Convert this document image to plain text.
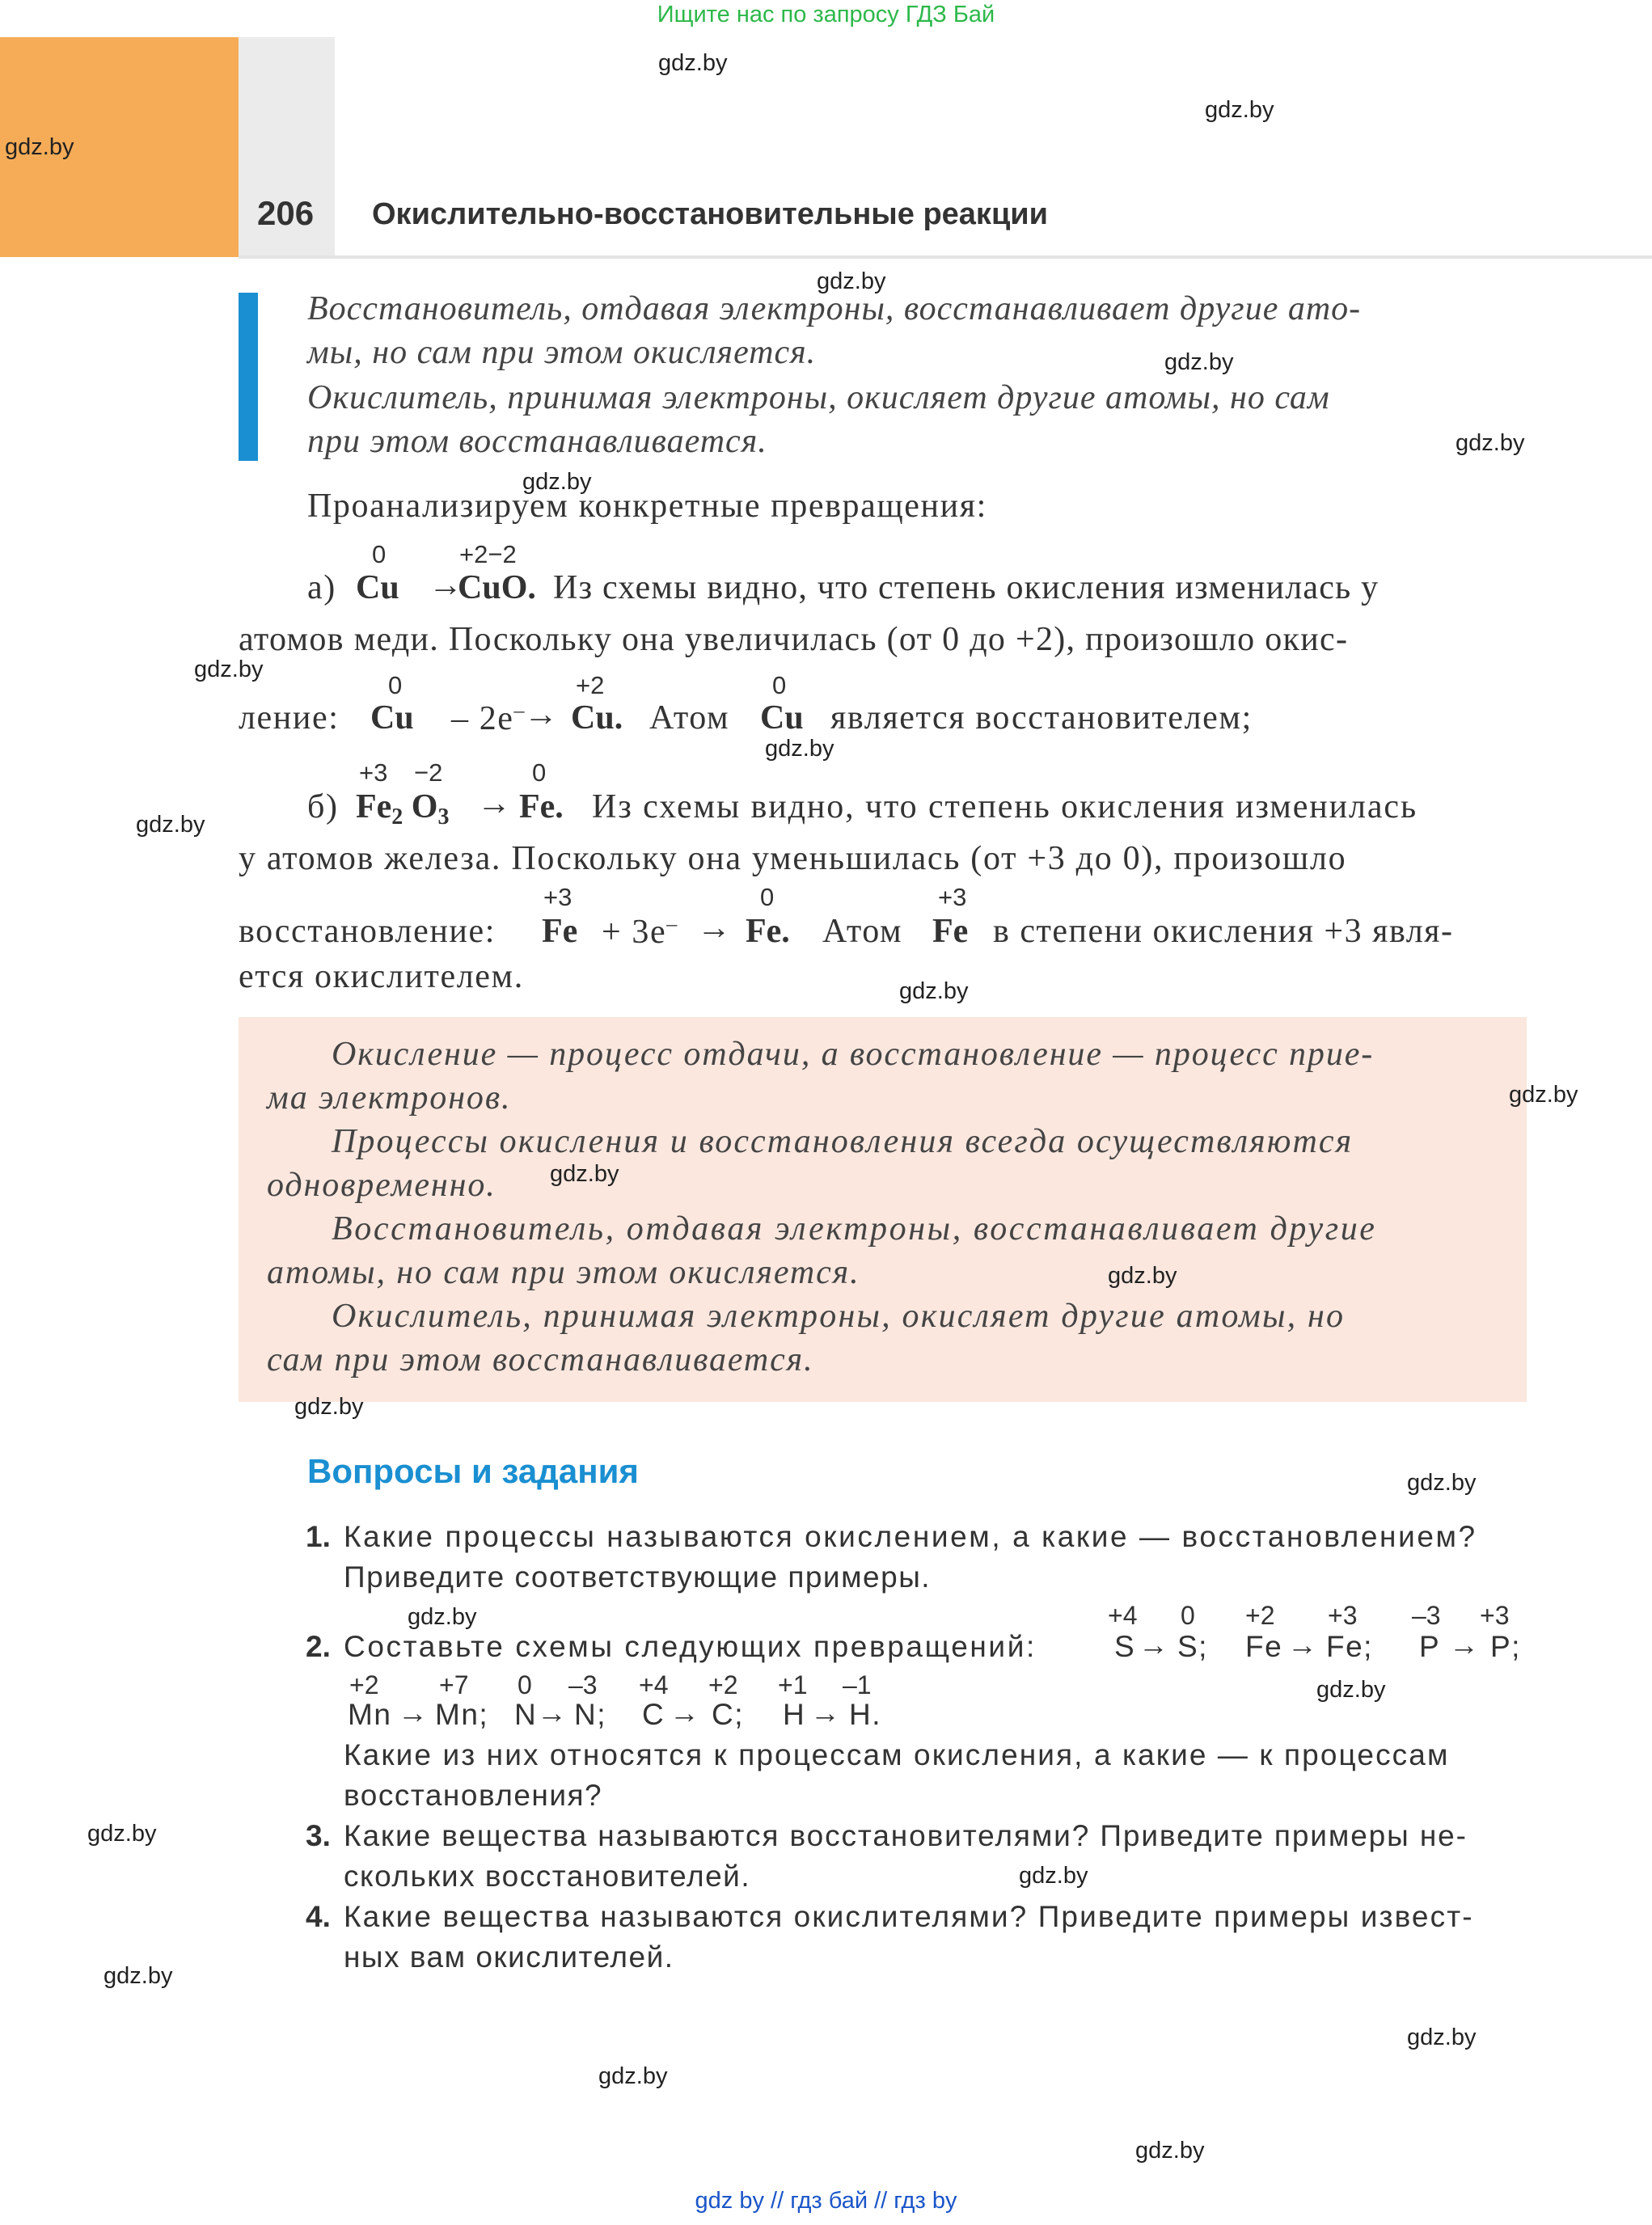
Ищите нас по запросу ГДЗ Бай
206 Окислительно-восстановительные реакции
Восстановитель, отдавая электроны, восстанавливает другие ато-
мы, но сам при этом окисляется.
Окислитель, принимая электроны, окисляет другие атомы, но сам
при этом восстанавливается.
Проанализируем конкретные превращения:
0	+2−2
а) Cu →
CuO. Из схемы видно, что степень окисления изменилась у
атомов меди. Поскольку она увеличилась (от 0 до +2), произошло окис-
0	+2	0
ление: Cu – 2e–
→ Cu. Атом Cu является восстановителем;
+3 −2	0
б) $Fe_2$ $O_3 \to Fe$. Из схемы видно, что степень окисления изменилась
у атомов железа. Поскольку она уменьшилась (от +3 до 0), произошло
+3	0	+3
восстановление: Fe + 3e– → Fe. Атом Fe в степени окисления +3 явля-
ется окислителем.
Окисление — процесс отдачи, а восстановление — процесс прие-
ма электронов.
Процессы окисления и восстановления всегда осуществляются
одновременно.
Восстановитель, отдавая электроны, восстанавливает другие
атомы, но сам при этом окисляется.
Окислитель, принимая электроны, окисляет другие атомы, но
сам при этом восстанавливается.
Вопросы и задания
1. Какие процессы называются окислением, а какие — восстановлением?
Приведите соответствующие примеры.
2. Составьте схемы следующих превращений:
+4 0
S → S;
+2 +3
Fe → Fe;
–3 +3
P → P;
+2 +7
Mn → Mn;
0 –3
N → N;
+4 +2
C → C;
+1 –1
H → H.
Какие из них относятся к процессам окисления, а какие — к процессам
восстановления?
3. Какие вещества называются восстановителями? Приведите примеры не-
скольких восстановителей.
4. Какие вещества называются окислителями? Приведите примеры извест-
ных вам окислителей.
gdz.by
gdz.by
gdz.by
gdz.by
gdz.by
gdz.by
gdz.by
gdz.by
gdz.by
gdz.by
gdz.by
gdz.by
gdz.by
gdz.by
gdz.by
gdz.by
gdz.by
gdz.by
gdz.by
gdz.by
gdz.by
gdz.by
gdz.by
gdz.by
gdz by // гдз бай // гдз by
